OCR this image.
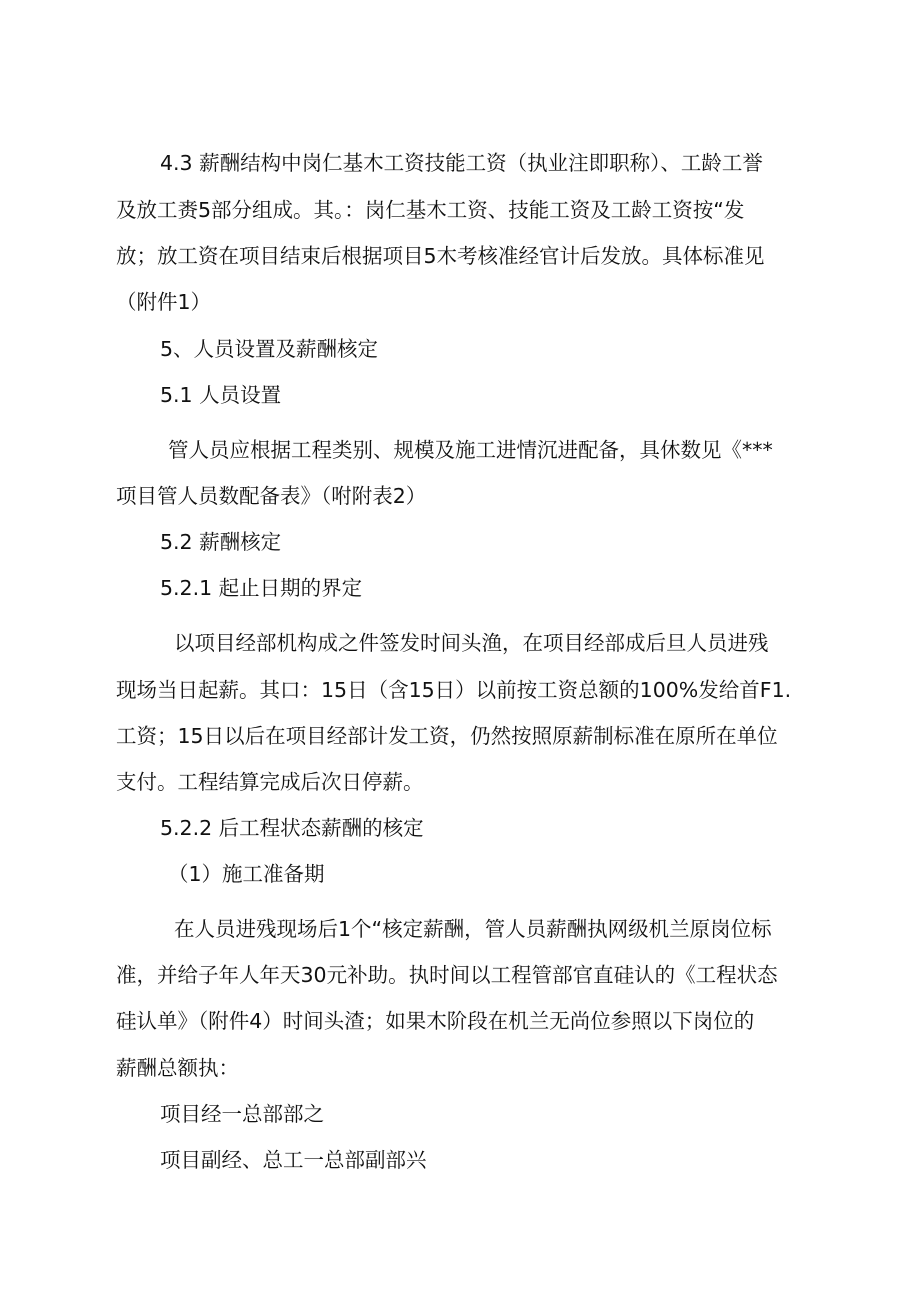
4.3 薪酬结构中岗仁基木工资技能工资（执业注即职称）、工龄工誉

及放工赉5部分组成。其。：岗仁基木工资、技能工资及工龄工资按“发

放；放工资在项目结束后根据项目5木考核准经官计后发放。具体标准见

（附件1）

5、人员设置及薪酬核定

5.1 人员设置

管人员应根据工程类别、规模及施工进情沉进配备，具休数见《***

项目管人员数配备表》（咐附表2）

5.2 薪酬核定

5.2.1 起止日期的界定

以项目经部机构成之件签发时间头渔，在项目经部成后旦人员进残

现场当日起薪。其口：15日（含15日）以前按工资总额的100%发给首F1.

工资；15日以后在项目经部计发工资，仍然按照原薪制标准在原所在单位

支付。工程结算完成后次日停薪。

5.2.2 后工程状态薪酬的核定

（1）施工准备期

在人员进残现场后1个“核定薪酬，管人员薪酬执网级机兰原岗位标

准，并给子年人年天30元补助。执时间以工程管部官直硅认的《工程状态

硅认单》（附件4）时间头渣；如果木阶段在机兰无尚位参照以下岗位的

薪酬总额执：

项目经一总部部之

项目副经、总工一总部副部兴
